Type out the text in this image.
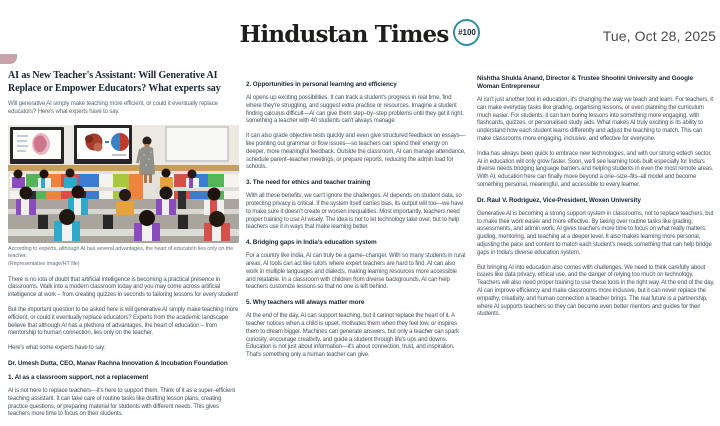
Hindustan Times	#100	Tue, Oct 28, 2025
AI as New Teacher's Assistant: Will Generative AI Replace or Empower Educators? What experts say
Will generative AI simply make teaching more efficient, or could it eventually replace educators? Here's what experts have to say.
According to experts, although AI has several advantages, the heart of education lies only on the teacher.
(Representative image/HT file)

There is no iota of doubt that artificial intelligence is becoming a practical presence in classrooms. Walk into a modern classroom today and you may come across artificial intelligence at work – from creating quizzes in seconds to tailoring lessons for every student!

But the important question to be asked here is will generative AI simply make teaching more efficient, or could it eventually replace educators? Experts from the academic landscape believe that although AI has a plethora of advantages, the heart of education – from mentorship to human connection, lies only on the teacher.

Here's what some experts have to say:

Dr. Umesh Dutta, CEO, Manav Rachna Innovation & Incubation Foundation
1. AI as a classroom support, not a replacement

AI is not here to replace teachers—it's here to support them. Think of it as a super–efficient teaching assistant. It can take care of routine tasks like drafting lesson plans, creating practice questions, or preparing material for students with different needs. This gives teachers more time to focus on their students.

2. Opportunities in personal learning and efficiency

AI opens up exciting possibilities. It can track a student's progress in real time, find where they're struggling, and suggest extra practice or resources. Imagine a student finding calculus difficult—AI can give them step–by–step problems until they get it right, something a teacher with 40 students can't always manage.

It can also grade objective tests quickly and even give structured feedback on essays—like pointing out grammar or flow issues—so teachers can spend their energy on deeper, more meaningful feedback. Outside the classroom, AI can manage attendance, schedule parent–teacher meetings, or prepare reports, reducing the admin load for schools.

3. The need for ethics and teacher training

With all these benefits, we can't ignore the challenges. AI depends on student data, so protecting privacy is critical. If the system itself carries bias, its output will too—we have to make sure it doesn't create or worsen inequalities. Most importantly, teachers need proper training to use AI wisely. The idea is not to let technology take over, but to help teachers use it in ways that make learning better.

4. Bridging gaps in India's education system

For a country like India, AI can truly be a game–changer. With so many students in rural areas, AI tools can act like tutors where expert teachers are hard to find. AI can also work in multiple languages and dialects, making learning resources more accessible and relatable. In a classroom with children from diverse backgrounds, AI can help teachers customize lessons so that no one is left behind.

5. Why teachers will always matter more

At the end of the day, AI can support teaching, but it cannot replace the heart of it. A teacher notices when a child is upset, motivates them when they feel low, or inspires them to dream bigger. Machines can generate answers, but only a teacher can spark curiosity, encourage creativity, and guide a student through life's ups and downs. Education is not just about information—it's about connection, trust, and inspiration. That's something only a human teacher can give.

Nishtha Shukla Anand, Director & Trustee Shoolini University and Google Woman Entrepreneur

AI isn't just another tool in education, it's changing the way we teach and learn. For teachers, it can make everyday tasks like grading, organising lessons, or even planning the curriculum much easier. For students, it can turn boring lessons into something more engaging, with flashcards, quizzes, or personalised study aids. What makes AI truly exciting is its ability to understand how each student learns differently and adjust the teaching to match. This can make classrooms more engaging, inclusive, and effective for everyone.

India has always been quick to embrace new technologies, and with our strong edtech sector, AI in education will only grow faster. Soon, we'll see learning tools built especially for India's diverse needs bridging language barriers and helping students in even the most remote areas. With AI, education here can finally move beyond a one–size–fits–all model and become something personal, meaningful, and accessible to every learner.

Dr. Raul V. Rodriguez, Vice-President, Woxen University

Generative AI is becoming a strong support system in classrooms, not to replace teachers, but to make their work easier and more effective. By taking over routine tasks like grading, assessments, and admin work, AI gives teachers more time to focus on what really matters: guiding, mentoring, and teaching at a deeper level. It also makes learning more personal, adjusting the pace and content to match each student's needs something that can help bridge gaps in India's diverse education system.

But bringing AI into education also comes with challenges. We need to think carefully about issues like data privacy, ethical use, and the danger of relying too much on technology. Teachers will also need proper training to use these tools in the right way. At the end of the day, AI can improve efficiency and make classrooms more inclusive, but it can never replace the empathy, creativity, and human connection a teacher brings. The real future is a partnership, where AI supports teachers so they can become even better mentors and guides for their students.
